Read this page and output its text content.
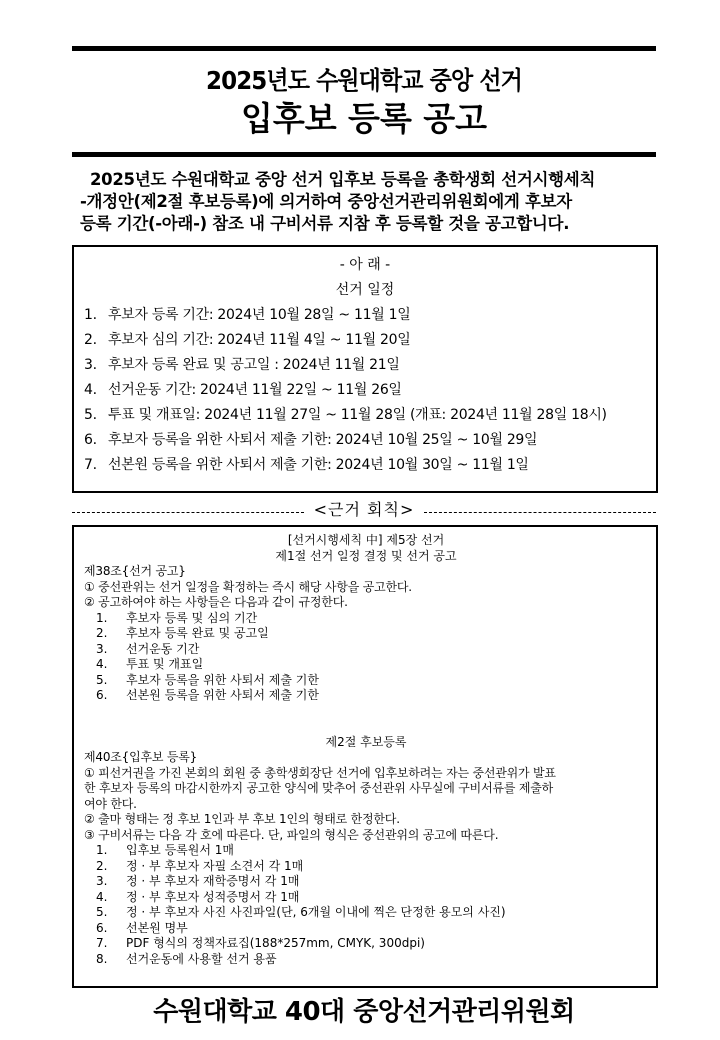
2025년도 수원대학교 중앙 선거
입후보 등록 공고
2025년도 수원대학교 중앙 선거 입후보 등록을 총학생회 선거시행세칙
-개정안(제2절 후보등록)에 의거하여 중앙선거관리위원회에게 후보자
등록 기간(-아래-) 참조 내 구비서류 지참 후 등록할 것을 공고합니다.
- 아 래 -
선거 일정
1. 후보자 등록 기간: 2024년 10월 28일 ~ 11월 1일
2. 후보자 심의 기간: 2024년 11월 4일 ~ 11월 20일
3. 후보자 등록 완료 및 공고일 : 2024년 11월 21일
4. 선거운동 기간: 2024년 11월 22일 ~ 11월 26일
5. 투표 및 개표일: 2024년 11월 27일 ~ 11월 28일 (개표: 2024년 11월 28일 18시)
6. 후보자 등록을 위한 사퇴서 제출 기한: 2024년 10월 25일 ~ 10월 29일
7. 선본원 등록을 위한 사퇴서 제출 기한: 2024년 10월 30일 ~ 11월 1일
<근거 회칙>
[선거시행세칙 中] 제5장 선거
제1절 선거 일정 결정 및 선거 공고
제38조{선거 공고}
① 중선관위는 선거 일정을 확정하는 즉시 해당 사항을 공고한다.
② 공고하여야 하는 사항들은 다음과 같이 규정한다.
1. 후보자 등록 및 심의 기간
2. 후보자 등록 완료 및 공고일
3. 선거운동 기간
4. 투표 및 개표일
5. 후보자 등록을 위한 사퇴서 제출 기한
6. 선본원 등록을 위한 사퇴서 제출 기한
제2절 후보등록
제40조{입후보 등록}
① 피선거권을 가진 본회의 회원 중 총학생회장단 선거에 입후보하려는 자는 중선관위가 발표
한 후보자 등록의 마감시한까지 공고한 양식에 맞추어 중선관위 사무실에 구비서류를 제출하
여야 한다.
② 출마 형태는 정 후보 1인과 부 후보 1인의 형태로 한정한다.
③ 구비서류는 다음 각 호에 따른다. 단, 파일의 형식은 중선관위의 공고에 따른다.
1. 입후보 등록원서 1매
2. 정 · 부 후보자 자필 소견서 각 1매
3. 정 · 부 후보자 재학증명서 각 1매
4. 정 · 부 후보자 성적증명서 각 1매
5. 정 · 부 후보자 사진 사진파일(단, 6개월 이내에 찍은 단정한 용모의 사진)
6. 선본원 명부
7. PDF 형식의 정책자료집(188*257mm, CMYK, 300dpi)
8. 선거운동에 사용할 선거 용품
수원대학교 40대 중앙선거관리위원회
